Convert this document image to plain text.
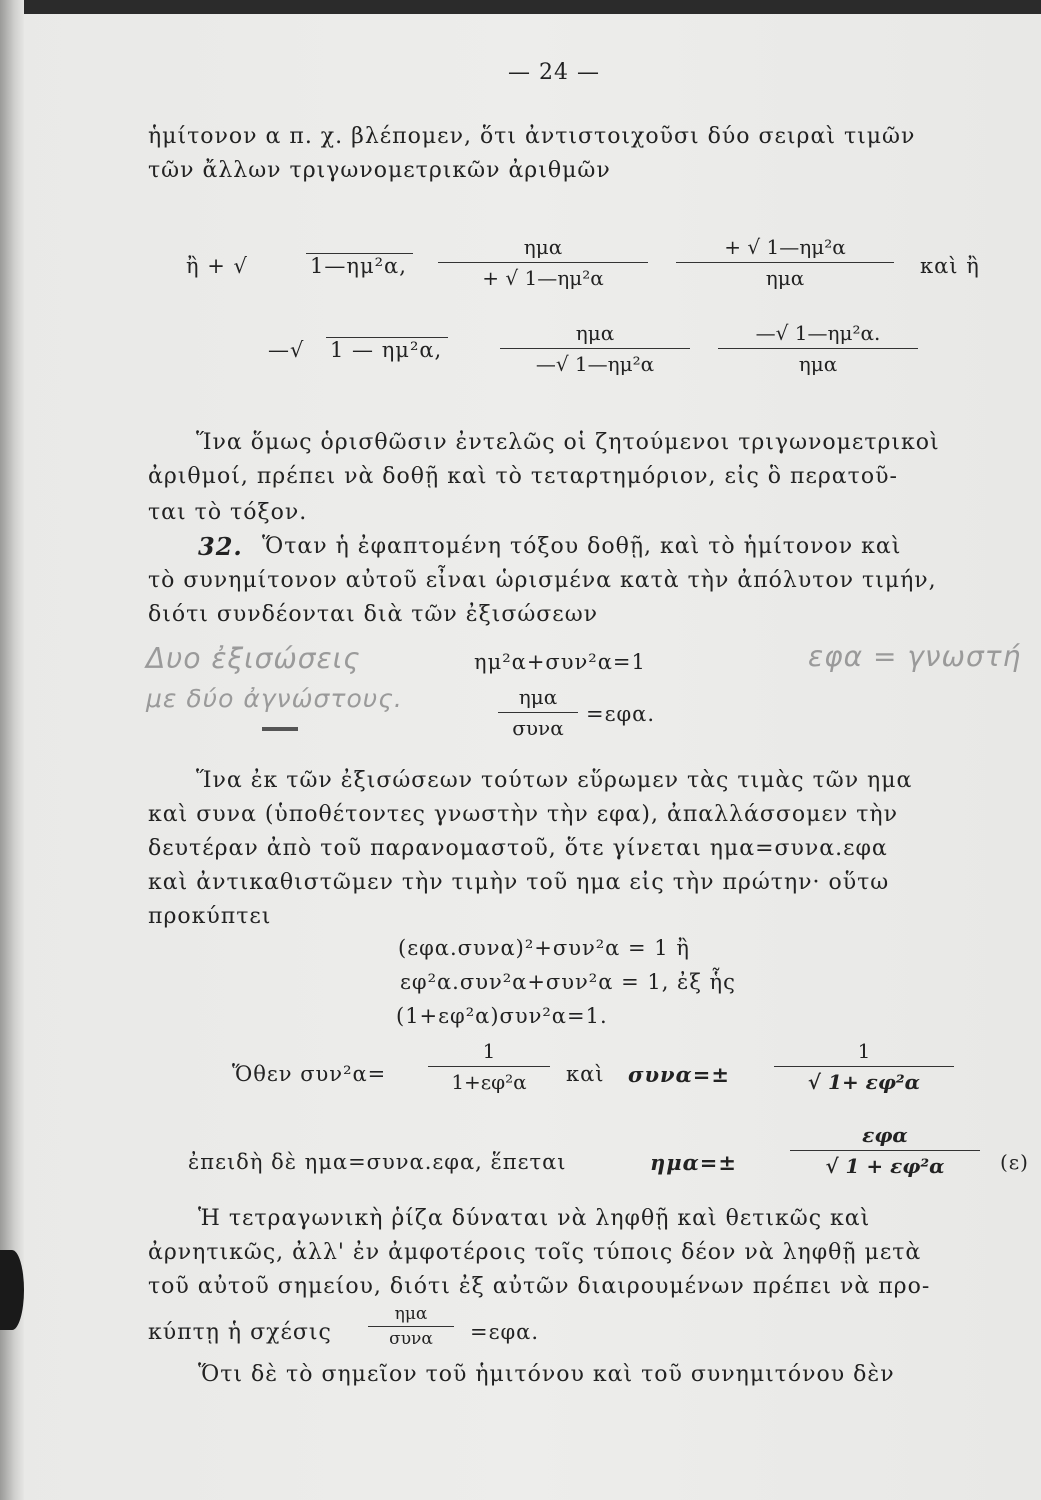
— 24 —
ἡμίτονον α π. χ. βλέπομεν, ὅτι ἀντιστοιχοῦσι δύο σειραὶ τιμῶν
τῶν ἄλλων τριγωνομετρικῶν ἀριθμῶν
ἢ + √	1—ημ²α,
ημα
+ √ 1—ημ²α
+ √ 1—ημ²α
ημα	καὶ ἢ
—√ 1 — ημ²α,
ημα
—√ 1—ημ²α
—√ 1—ημ²α.
ημα
Ἵνα ὅμως ὁρισθῶσιν ἐντελῶς οἱ ζητούμενοι τριγωνομετρικοὶ
ἀριθμοί, πρέπει νὰ δοθῇ καὶ τὸ τεταρτημόριον, εἰς ὃ περατοῦ-
ται τὸ τόξον.
32. Ὅταν ἡ ἐφαπτομένη τόξου δοθῇ, καὶ τὸ ἡμίτονον καὶ
τὸ συνημίτονον αὐτοῦ εἶναι ὡρισμένα κατὰ τὴν ἀπόλυτον τιμήν,
διότι συνδέονται διὰ τῶν ἐξισώσεων
Δυο ἐξισώσεις
με δύο ἀγνώστους.
εφα = γνωστή
ημ²α+συν²α=1
ημα
συνα
=εφα.
Ἵνα ἐκ τῶν ἐξισώσεων τούτων εὕρωμεν τὰς τιμὰς τῶν ημα
καὶ συνα (ὑποθέτοντες γνωστὴν τὴν εφα), ἀπαλλάσσομεν τὴν
δευτέραν ἀπὸ τοῦ παρανομαστοῦ, ὅτε γίνεται ημα=συνα.εφα
καὶ ἀντικαθιστῶμεν τὴν τιμὴν τοῦ ημα εἰς τὴν πρώτην· οὕτω
προκύπτει
(εφα.συνα)²+συν²α = 1 ἢ
εφ²α.συν²α+συν²α = 1, ἐξ ἧς
(1+εφ²α)συν²α=1.
Ὅθεν συν²α=
1
1+εφ²α καὶ συνα=±
1
√ 1+ εφ²α
ἐπειδὴ δὲ ημα=συνα.εφα, ἕπεται	ημα=±
εφα
√ 1 + εφ²α	(ε)
Ἡ τετραγωνικὴ ῥίζα δύναται νὰ ληφθῇ καὶ θετικῶς καὶ
ἀρνητικῶς, ἀλλ' ἐν ἀμφοτέροις τοῖς τύποις δέον νὰ ληφθῇ μετὰ
τοῦ αὐτοῦ σημείου, διότι ἐξ αὐτῶν διαιρουμένων πρέπει νὰ προ-
κύπτῃ ἡ σχέσις
ημα
συνα =εφα.
Ὅτι δὲ τὸ σημεῖον τοῦ ἡμιτόνου καὶ τοῦ συνημιτόνου δὲν
